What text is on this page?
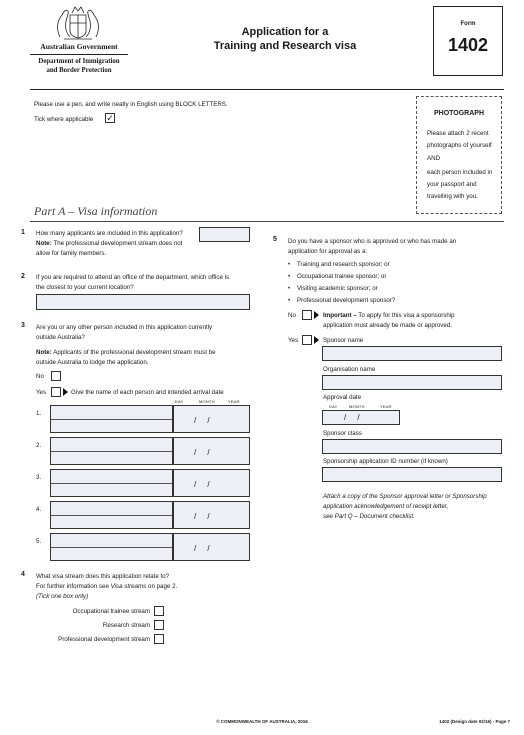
Australian Government
Department of Immigration
and Border Protection
Application for a
Training and Research visa
Form
1402
Please use a pen, and write neatly in English using BLOCK LETTERS.
Tick where applicable ✓	PHOTOGRAPH
Please attach 2 recent
photographs of yourself
AND
each person included in
your passport and
travelling with you.
Part A – Visa information
1 How many applicants are included in this application?
Note: The professional development stream does not
allow for family members.
2 If you are required to attend an office of the department, which office is
the closest to your current location?
3 Are you or any other person included in this application currently
outside Australia?
Note: Applicants of the professional development stream must be
outside Australia to lodge the application.
No
Yes	Give the name of each person and intended arrival date
DAY	MONTH	YEAR
1.
/     /
2.
/     /
3.
/     /
4.
/     /
5.
/     /
4 What visa stream does this application relate to?
For further information see Visa streams on page 2.
(Tick one box only)
Occupational trainee stream
Research stream
Professional development stream
5 Do you have a sponsor who is approved or who has made an
application for approval as a:
• Training and research sponsor; or
• Occupational trainee sponsor; or
• Visiting academic sponsor; or
• Professional development sponsor?
No	Important – To apply for this visa a sponsorship
application must already be made or approved.
Yes	Sponsor name
Organisation name
Approval date
DAY	MONTH	YEAR
/     /
Sponsor class
Sponsorship application ID number (if known)
Attach a copy of the Sponsor approval letter or Sponsorship
application acknowledgement of receipt letter,
see Part Q – Document checklist.
© COMMONWEALTH OF AUSTRALIA, 2016	1402 (Design date 02/16) - Page 7
